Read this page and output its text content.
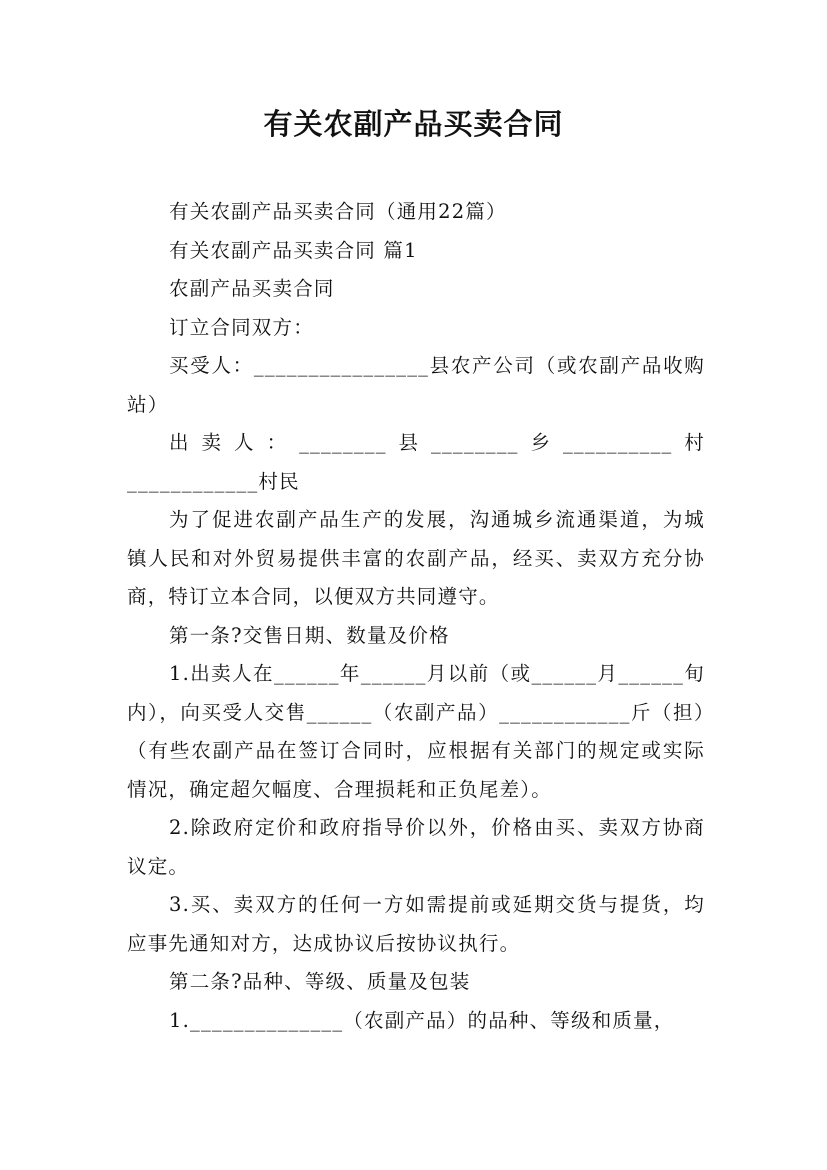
有关农副产品买卖合同

有关农副产品买卖合同（通用22篇）

有关农副产品买卖合同 篇1

农副产品买卖合同

订立合同双方：

买受人：________________县农产公司（或农副产品收购站）

出卖人：________县________乡__________村____________村民

为了促进农副产品生产的发展，沟通城乡流通渠道，为城镇人民和对外贸易提供丰富的农副产品，经买、卖双方充分协商，特订立本合同，以便双方共同遵守。

第一条?交售日期、数量及价格

1.出卖人在______年______月以前（或______月______旬内），向买受人交售______（农副产品）____________斤（担）（有些农副产品在签订合同时，应根据有关部门的规定或实际情况，确定超欠幅度、合理损耗和正负尾差）。

2.除政府定价和政府指导价以外，价格由买、卖双方协商议定。

3.买、卖双方的任何一方如需提前或延期交货与提货，均应事先通知对方，达成协议后按协议执行。

第二条?品种、等级、质量及包装

1.______________（农副产品）的品种、等级和质量，
